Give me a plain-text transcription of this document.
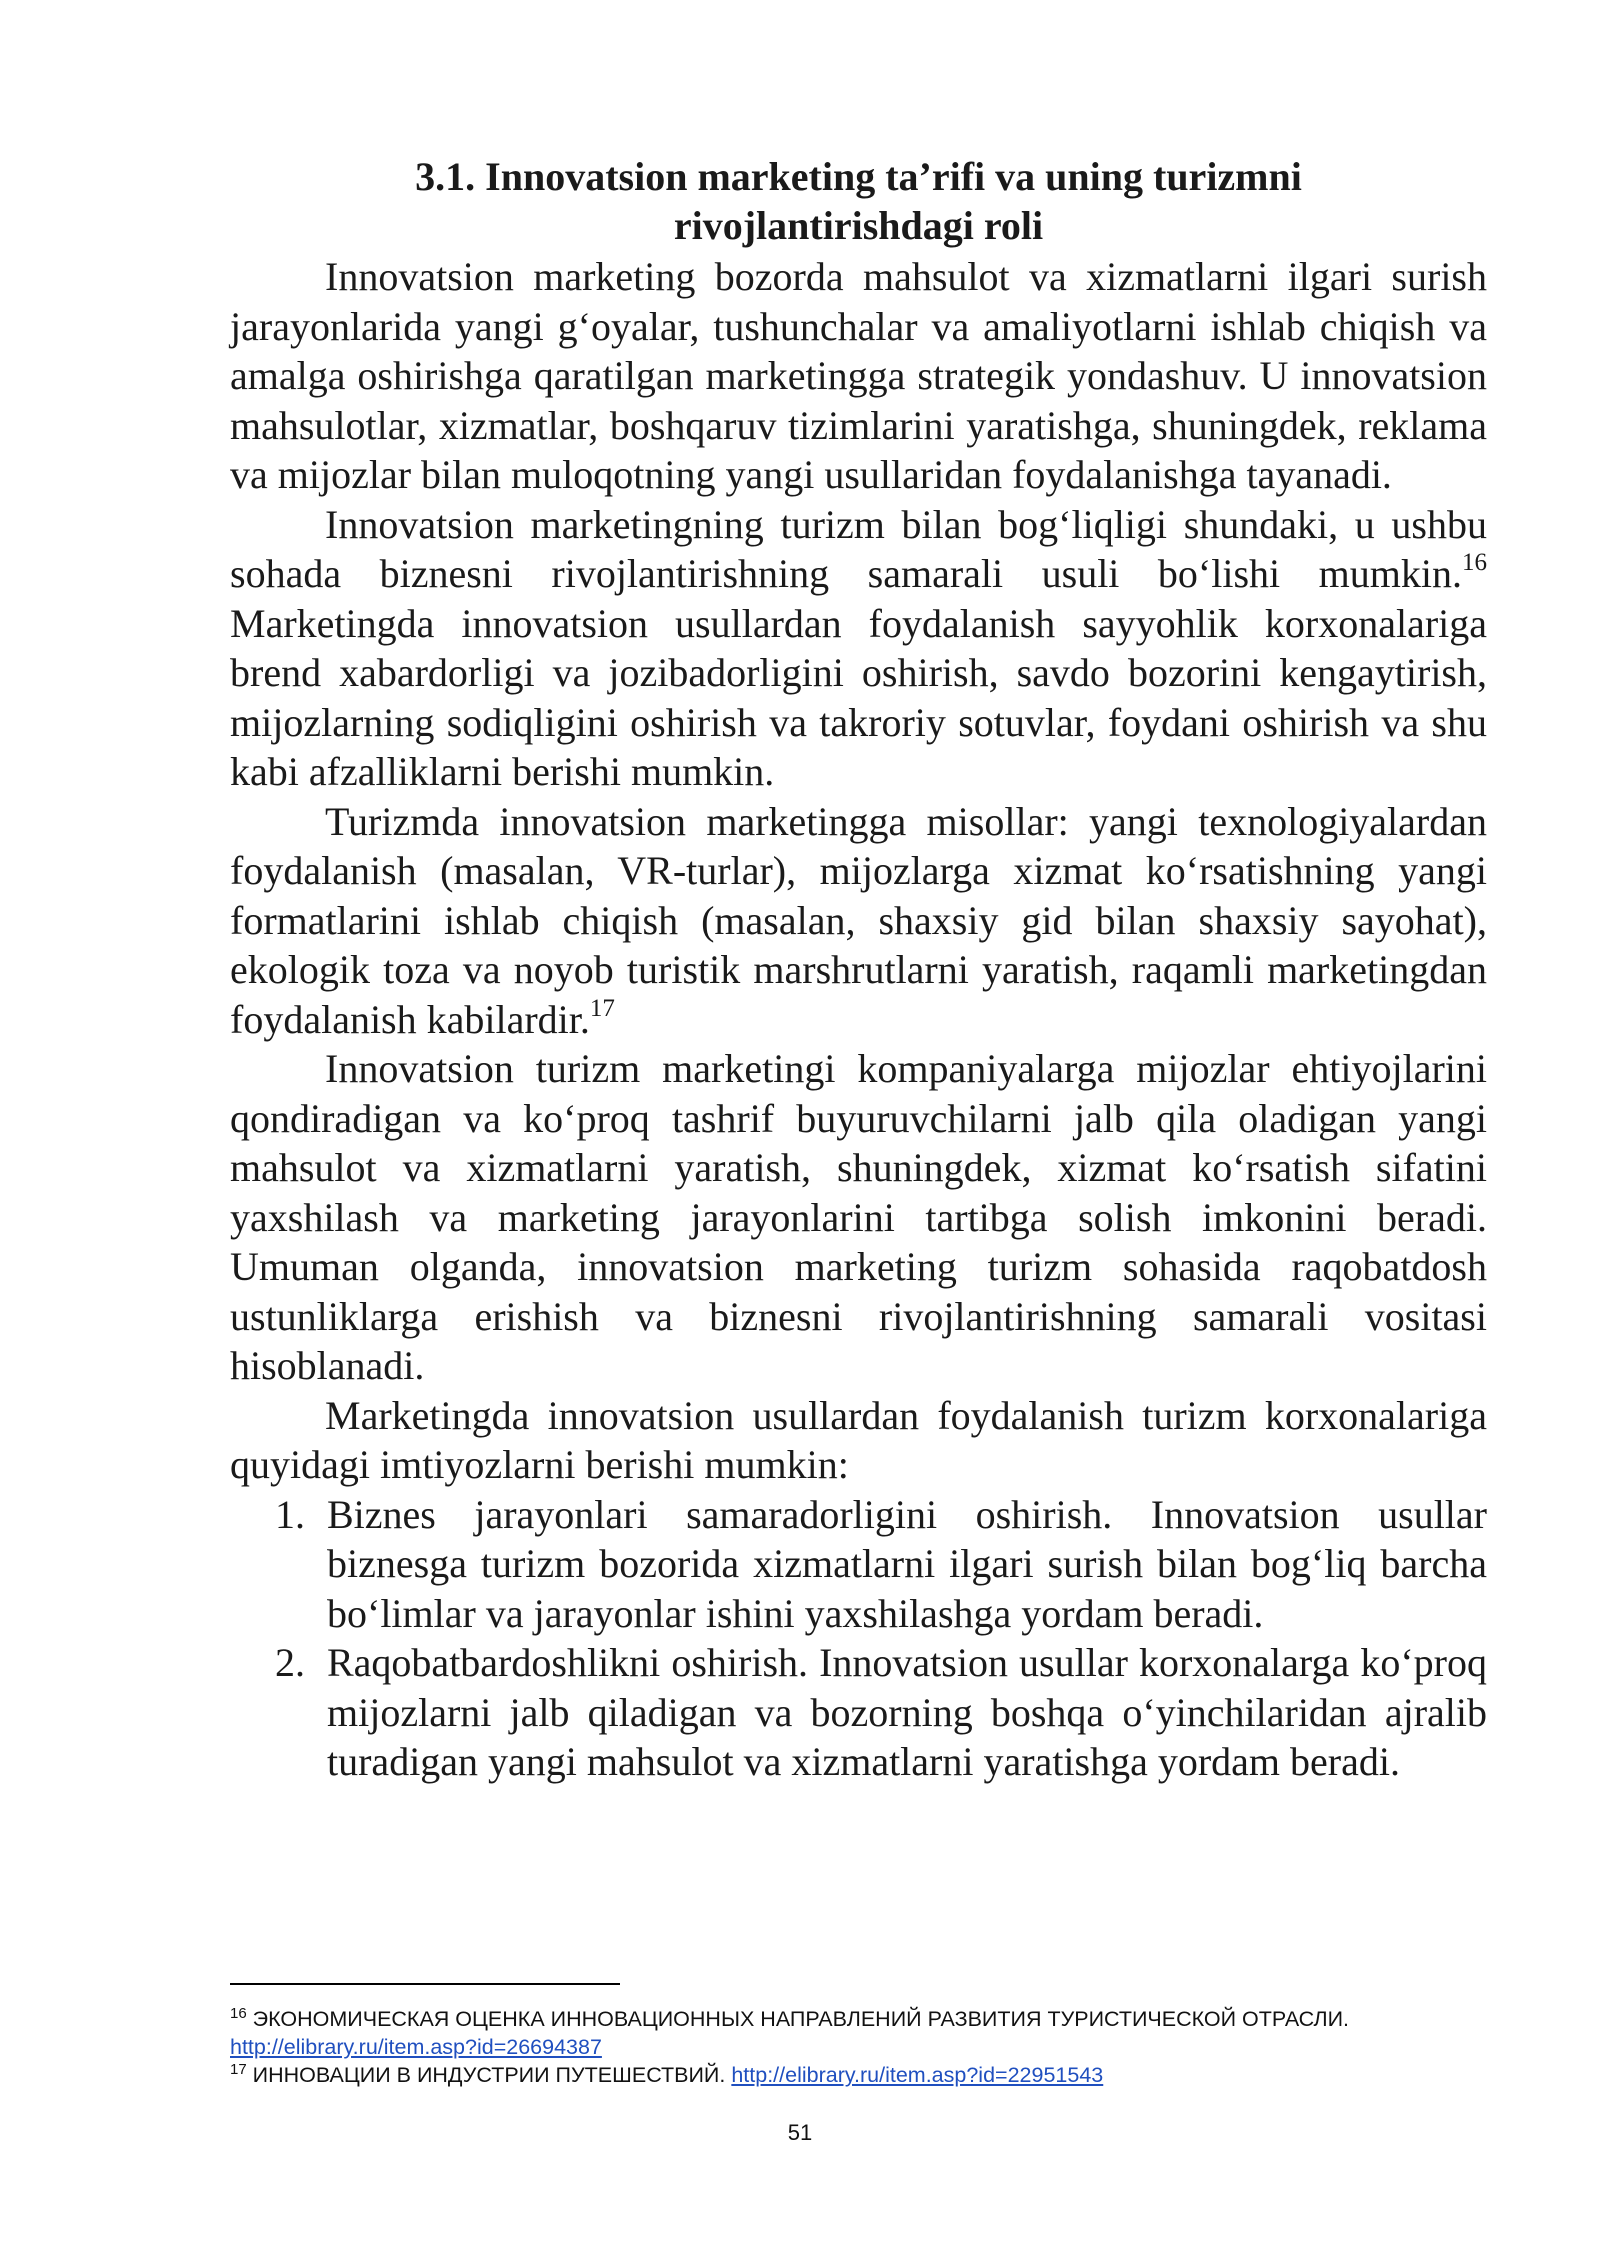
3.1. Innovatsion marketing ta’rifi va uning turizmni
rivojlantirishdagi roli

Innovatsion marketing bozorda mahsulot va xizmatlarni ilgari surish jarayonlarida yangi g‘oyalar, tushunchalar va amaliyotlarni ishlab chiqish va amalga oshirishga qaratilgan marketingga strategik yondashuv. U innovatsion mahsulotlar, xizmatlar, boshqaruv tizimlarini yaratishga, shuningdek, reklama va mijozlar bilan muloqotning yangi usullaridan foydalanishga tayanadi.

Innovatsion marketingning turizm bilan bog‘liqligi shundaki, u ushbu sohada biznesni rivojlantirishning samarali usuli bo‘lishi mumkin.$^{16}$ Marketingda innovatsion usullardan foydalanish sayyohlik korxonalariga brend xabardorligi va jozibadorligini oshirish, savdo bozorini kengaytirish, mijozlarning sodiqligini oshirish va takroriy sotuvlar, foydani oshirish va shu kabi afzalliklarni berishi mumkin.

Turizmda innovatsion marketingga misollar: yangi texnologiyalardan foydalanish (masalan, VR-turlar), mijozlarga xizmat ko‘rsatishning yangi formatlarini ishlab chiqish (masalan, shaxsiy gid bilan shaxsiy sayohat), ekologik toza va noyob turistik marshrutlarni yaratish, raqamli marketingdan foydalanish kabilardir.$^{17}$

Innovatsion turizm marketingi kompaniyalarga mijozlar ehtiyojlarini qondiradigan va ko‘proq tashrif buyuruvchilarni jalb qila oladigan yangi mahsulot va xizmatlarni yaratish, shuningdek, xizmat ko‘rsatish sifatini yaxshilash va marketing jarayonlarini tartibga solish imkonini beradi. Umuman olganda, innovatsion marketing turizm sohasida raqobatdosh ustunliklarga erishish va biznesni rivojlantirishning samarali vositasi hisoblanadi.

Marketingda innovatsion usullardan foydalanish turizm korxonalariga quyidagi imtiyozlarni berishi mumkin:

1. Biznes jarayonlari samaradorligini oshirish. Innovatsion usullar biznesga turizm bozorida xizmatlarni ilgari surish bilan bog‘liq barcha bo‘limlar va jarayonlar ishini yaxshilashga yordam beradi.
2. Raqobatbardoshlikni oshirish. Innovatsion usullar korxonalarga ko‘proq mijozlarni jalb qiladigan va bozorning boshqa o‘yinchilaridan ajralib turadigan yangi mahsulot va xizmatlarni yaratishga yordam beradi.

$^{16}$ ЭКОНОМИЧЕСКАЯ ОЦЕНКА ИННОВАЦИОННЫХ НАПРАВЛЕНИЙ РАЗВИТИЯ ТУРИСТИЧЕСКОЙ ОТРАСЛИ.
http://elibrary.ru/item.asp?id=26694387

$^{17}$ ИННОВАЦИИ В ИНДУСТРИИ ПУТЕШЕСТВИЙ. http://elibrary.ru/item.asp?id=22951543

51
